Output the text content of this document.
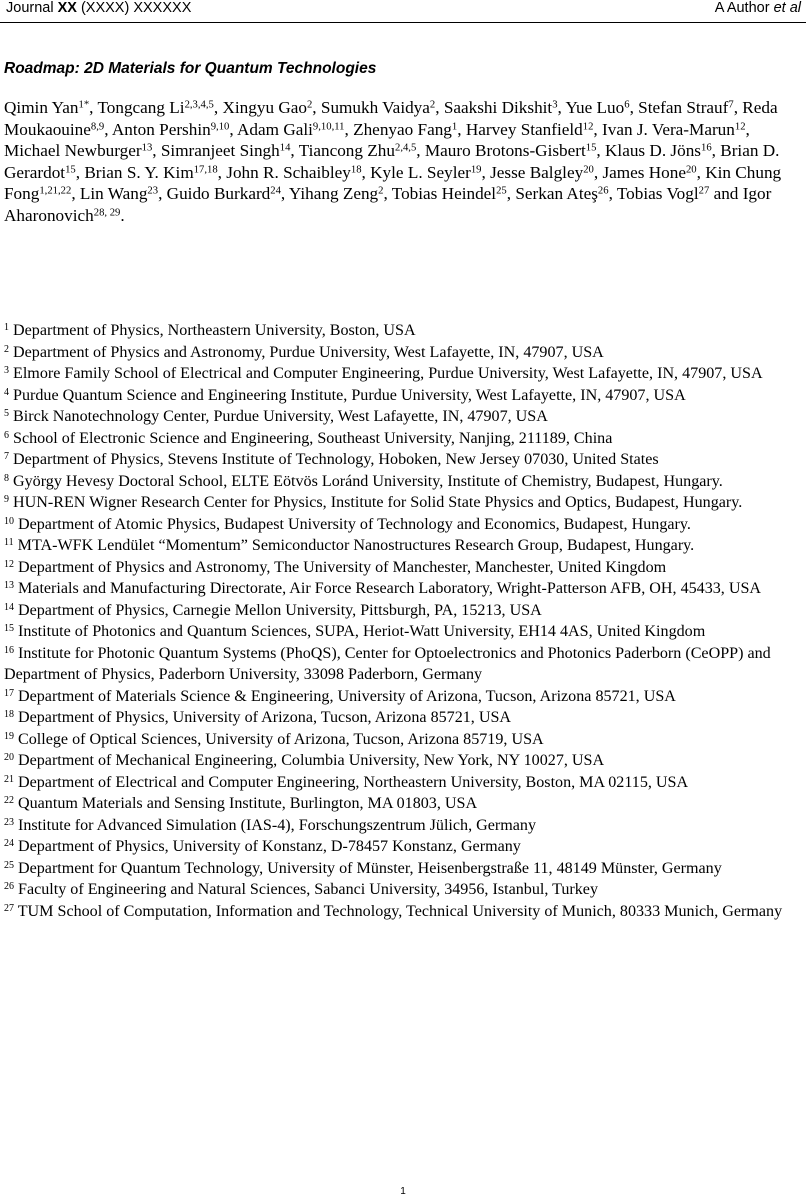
Journal XX (XXXX) XXXXXX	A Author et al
Roadmap: 2D Materials for Quantum Technologies
Qimin Yan$^{1*}$, Tongcang Li$^{2,3,4,5}$, Xingyu Gao$^2$, Sumukh Vaidya$^2$, Saakshi Dikshit$^3$, Yue Luo$^6$, Stefan Strauf$^7$, Reda Moukaouine$^{8,9}$, Anton Pershin$^{9,10}$, Adam Gali$^{9,10,11}$, Zhenyao Fang$^1$, Harvey Stanfield$^{12}$, Ivan J. Vera-Marun$^{12}$, Michael Newburger$^{13}$, Simranjeet Singh$^{14}$, Tiancong Zhu$^{2,4,5}$, Mauro Brotons-Gisbert$^{15}$, Klaus D. Jöns$^{16}$, Brian D. Gerardot$^{15}$, Brian S. Y. Kim$^{17,18}$, John R. Schaibley$^{18}$, Kyle L. Seyler$^{19}$, Jesse Balgley$^{20}$, James Hone$^{20}$, Kin Chung Fong$^{1,21,22}$, Lin Wang$^{23}$, Guido Burkard$^{24}$, Yihang Zeng$^2$, Tobias Heindel$^{25}$, Serkan Ateş$^{26}$, Tobias Vogl$^{27}$ and Igor Aharonovich$^{28, 29}$.
$^1$ Department of Physics, Northeastern University, Boston, USA
$^2$ Department of Physics and Astronomy, Purdue University, West Lafayette, IN, 47907, USA
$^3$ Elmore Family School of Electrical and Computer Engineering, Purdue University, West Lafayette, IN, 47907, USA
$^4$ Purdue Quantum Science and Engineering Institute, Purdue University, West Lafayette, IN, 47907, USA
$^5$ Birck Nanotechnology Center, Purdue University, West Lafayette, IN, 47907, USA
$^6$ School of Electronic Science and Engineering, Southeast University, Nanjing, 211189, China
$^7$ Department of Physics, Stevens Institute of Technology, Hoboken, New Jersey 07030, United States
$^8$ György Hevesy Doctoral School, ELTE Eötvös Loránd University, Institute of Chemistry, Budapest, Hungary.
$^9$ HUN-REN Wigner Research Center for Physics, Institute for Solid State Physics and Optics, Budapest, Hungary.
$^{10}$ Department of Atomic Physics, Budapest University of Technology and Economics, Budapest, Hungary.
$^{11}$ MTA-WFK Lendület “Momentum” Semiconductor Nanostructures Research Group, Budapest, Hungary.
$^{12}$ Department of Physics and Astronomy, The University of Manchester, Manchester, United Kingdom
$^{13}$ Materials and Manufacturing Directorate, Air Force Research Laboratory, Wright-Patterson AFB, OH, 45433, USA
$^{14}$ Department of Physics, Carnegie Mellon University, Pittsburgh, PA, 15213, USA
$^{15}$ Institute of Photonics and Quantum Sciences, SUPA, Heriot-Watt University, EH14 4AS, United Kingdom
$^{16}$ Institute for Photonic Quantum Systems (PhoQS), Center for Optoelectronics and Photonics Paderborn (CeOPP) and Department of Physics, Paderborn University, 33098 Paderborn, Germany
$^{17}$ Department of Materials Science & Engineering, University of Arizona, Tucson, Arizona 85721, USA
$^{18}$ Department of Physics, University of Arizona, Tucson, Arizona 85721, USA
$^{19}$ College of Optical Sciences, University of Arizona, Tucson, Arizona 85719, USA
$^{20}$ Department of Mechanical Engineering, Columbia University, New York, NY 10027, USA
$^{21}$ Department of Electrical and Computer Engineering, Northeastern University, Boston, MA 02115, USA
$^{22}$ Quantum Materials and Sensing Institute, Burlington, MA 01803, USA
$^{23}$ Institute for Advanced Simulation (IAS-4), Forschungszentrum Jülich, Germany
$^{24}$ Department of Physics, University of Konstanz, D-78457 Konstanz, Germany
$^{25}$ Department for Quantum Technology, University of Münster, Heisenbergstraße 11, 48149 Münster, Germany
$^{26}$ Faculty of Engineering and Natural Sciences, Sabanci University, 34956, Istanbul, Turkey
$^{27}$ TUM School of Computation, Information and Technology, Technical University of Munich, 80333 Munich, Germany
1
